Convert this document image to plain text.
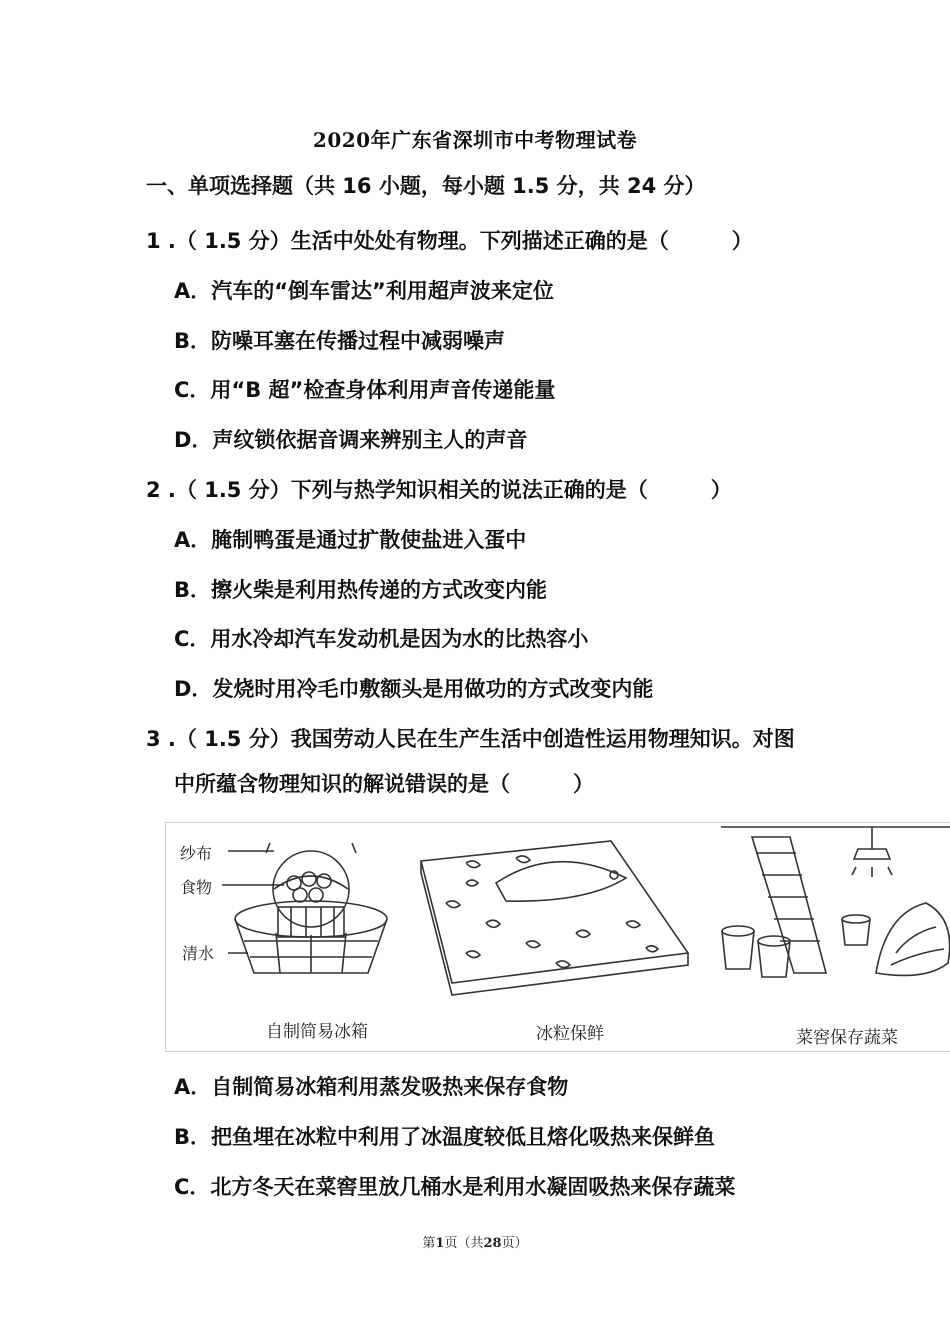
2020年广东省深圳市中考物理试卷
一、单项选择题（共 16 小题，每小题 1.5 分，共 24 分）
1 .（ 1.5 分）生活中处处有物理。下列描述正确的是（　　　）
A．汽车的“倒车雷达”利用超声波来定位
B．防噪耳塞在传播过程中减弱噪声
C．用“B 超”检查身体利用声音传递能量
D．声纹锁依据音调来辨别主人的声音
2 .（ 1.5 分）下列与热学知识相关的说法正确的是（　　　）
A．腌制鸭蛋是通过扩散使盐进入蛋中
B．擦火柴是利用热传递的方式改变内能
C．用水冷却汽车发动机是因为水的比热容小
D．发烧时用冷毛巾敷额头是用做功的方式改变内能
3 .（ 1.5 分）我国劳动人民在生产生活中创造性运用物理知识。对图
中所蕴含物理知识的解说错误的是（　　　）
纱布
食物
清水
自制简易冰箱	冰粒保鲜	菜窖保存蔬菜
A．自制简易冰箱利用蒸发吸热来保存食物
B．把鱼埋在冰粒中利用了冰温度较低且熔化吸热来保鲜鱼
C．北方冬天在菜窖里放几桶水是利用水凝固吸热来保存蔬菜
第1页（共28页）
